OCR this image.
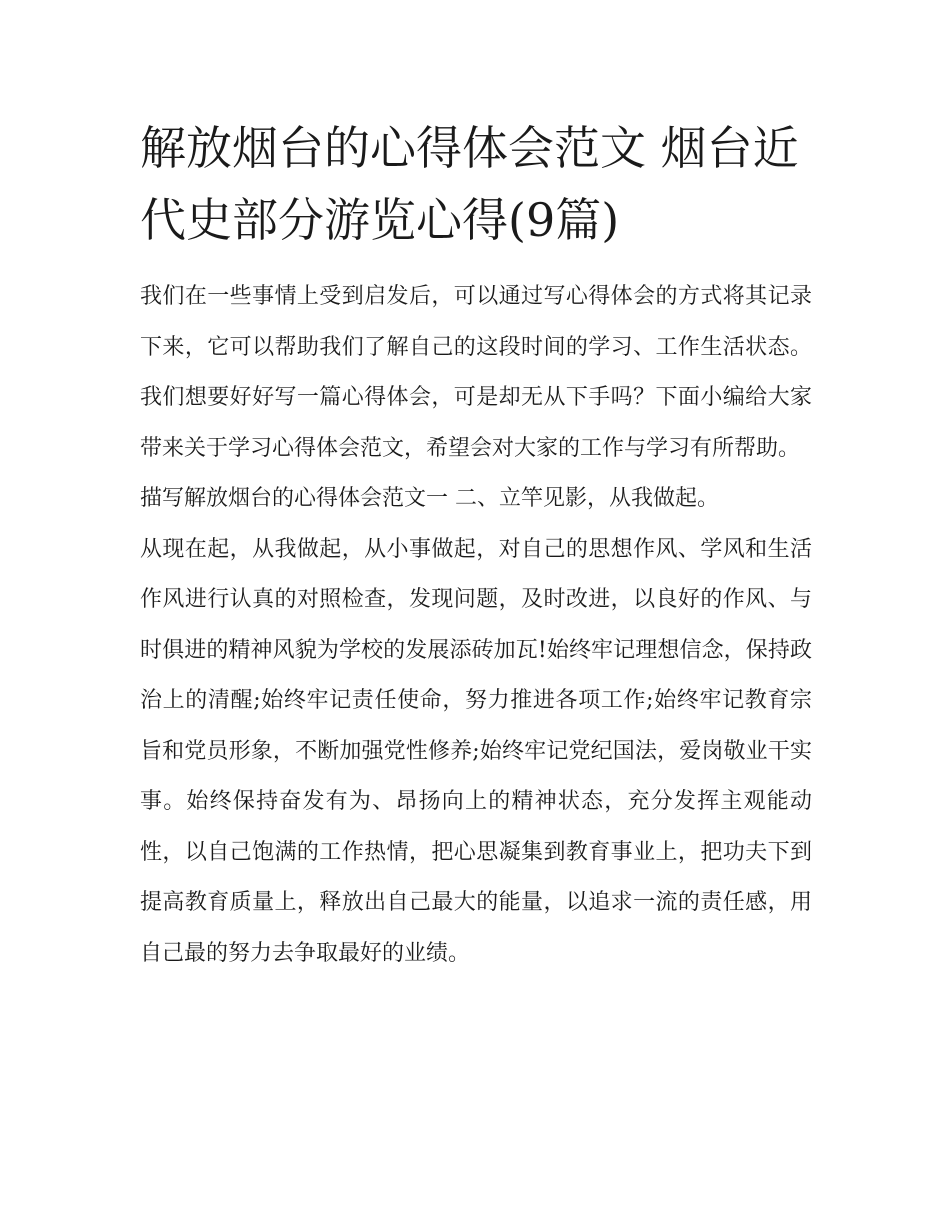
解放烟台的心得体会范文 烟台近代史部分游览心得(9篇)

我们在一些事情上受到启发后，可以通过写心得体会的方式将其记录下来，它可以帮助我们了解自己的这段时间的学习、工作生活状态。我们想要好好写一篇心得体会，可是却无从下手吗？下面小编给大家带来关于学习心得体会范文，希望会对大家的工作与学习有所帮助。

描写解放烟台的心得体会范文一 二、立竿见影，从我做起。

从现在起，从我做起，从小事做起，对自己的思想作风、学风和生活作风进行认真的对照检查，发现问题，及时改进，以良好的作风、与时俱进的精神风貌为学校的发展添砖加瓦!始终牢记理想信念，保持政治上的清醒;始终牢记责任使命，努力推进各项工作;始终牢记教育宗旨和党员形象，不断加强党性修养;始终牢记党纪国法，爱岗敬业干实事。始终保持奋发有为、昂扬向上的精神状态，充分发挥主观能动性，以自己饱满的工作热情，把心思凝集到教育事业上，把功夫下到提高教育质量上，释放出自己最大的能量，以追求一流的责任感，用自己最的努力去争取最好的业绩。
